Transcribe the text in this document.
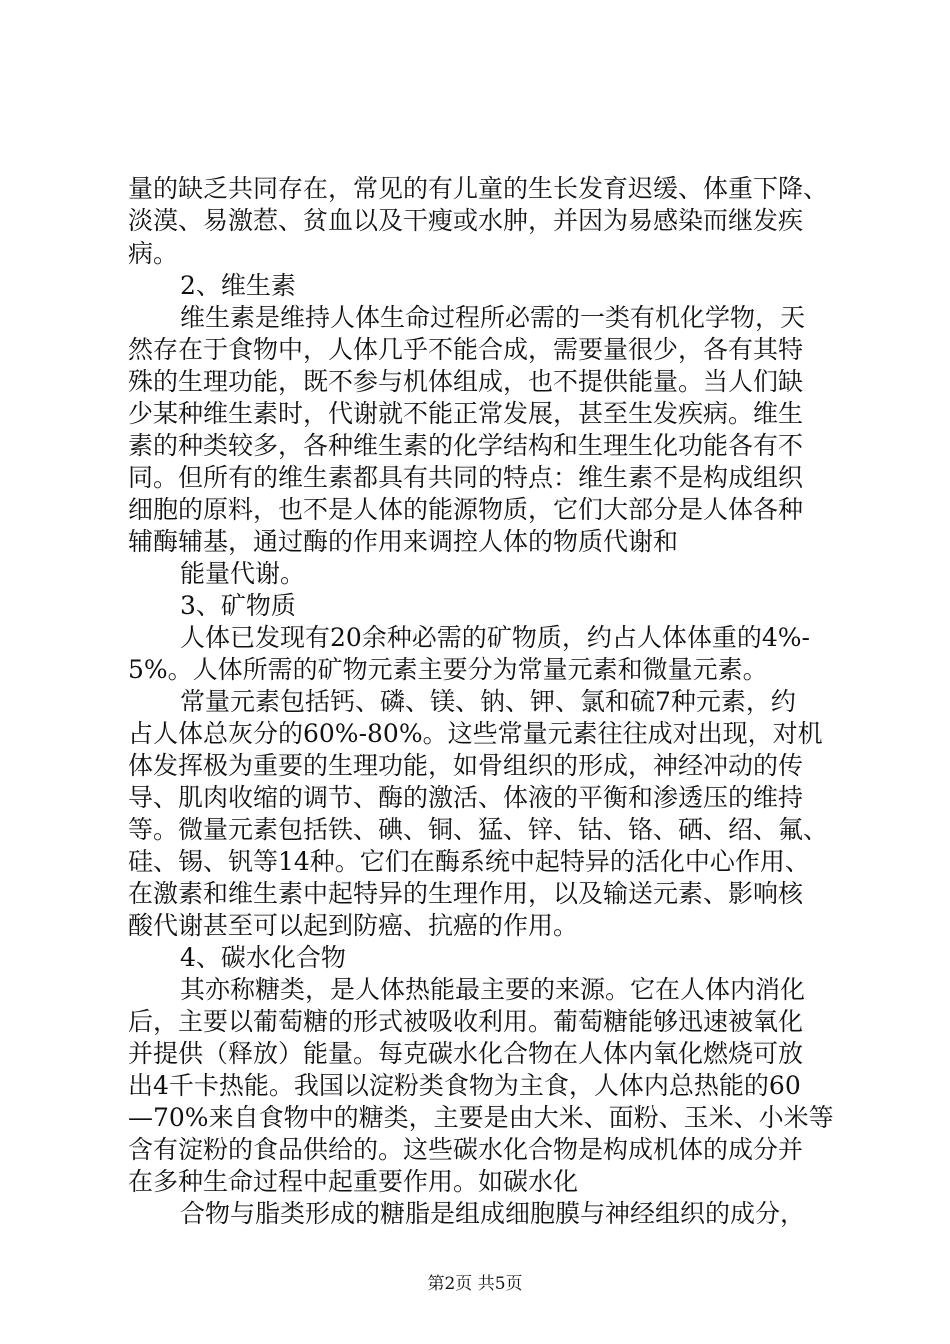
量的缺乏共同存在，常见的有儿童的生长发育迟缓、体重下降、
淡漠、易激惹、贫血以及干瘦或水肿，并因为易感染而继发疾
病。
2、维生素
维生素是维持人体生命过程所必需的一类有机化学物，天
然存在于食物中，人体几乎不能合成，需要量很少，各有其特
殊的生理功能，既不参与机体组成，也不提供能量。当人们缺
少某种维生素时，代谢就不能正常发展，甚至生发疾病。维生
素的种类较多，各种维生素的化学结构和生理生化功能各有不
同。但所有的维生素都具有共同的特点：维生素不是构成组织
细胞的原料，也不是人体的能源物质，它们大部分是人体各种
辅酶辅基，通过酶的作用来调控人体的物质代谢和
能量代谢。
3、矿物质
人体已发现有20余种必需的矿物质，约占人体体重的4%-
5%。人体所需的矿物元素主要分为常量元素和微量元素。
常量元素包括钙、磷、镁、钠、钾、氯和硫7种元素，约
占人体总灰分的60%-80%。这些常量元素往往成对出现，对机
体发挥极为重要的生理功能，如骨组织的形成，神经冲动的传
导、肌肉收缩的调节、酶的激活、体液的平衡和渗透压的维持
等。微量元素包括铁、碘、铜、猛、锌、钴、铬、硒、绍、氟、
硅、锡、钒等14种。它们在酶系统中起特异的活化中心作用、
在激素和维生素中起特异的生理作用，以及输送元素、影响核
酸代谢甚至可以起到防癌、抗癌的作用。
4、碳水化合物
其亦称糖类，是人体热能最主要的来源。它在人体内消化
后，主要以葡萄糖的形式被吸收利用。葡萄糖能够迅速被氧化
并提供（释放）能量。每克碳水化合物在人体内氧化燃烧可放
出4千卡热能。我国以淀粉类食物为主食，人体内总热能的60
—70%来自食物中的糖类，主要是由大米、面粉、玉米、小米等
含有淀粉的食品供给的。这些碳水化合物是构成机体的成分并
在多种生命过程中起重要作用。如碳水化
合物与脂类形成的糖脂是组成细胞膜与神经组织的成分，
第2页 共5页
